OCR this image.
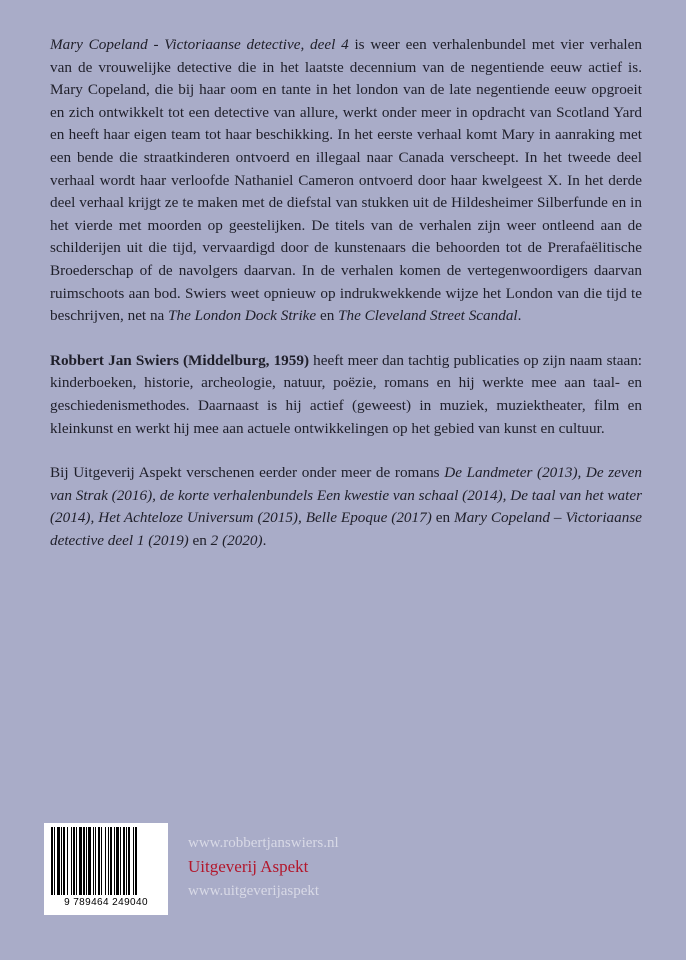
Mary Copeland - Victoriaanse detective, deel 4 is weer een verhalenbundel met vier verhalen van de vrouwelijke detective die in het laatste decennium van de negentiende eeuw actief is. Mary Copeland, die bij haar oom en tante in het london van de late negentiende eeuw opgroeit en zich ontwikkelt tot een detective van allure, werkt onder meer in opdracht van Scotland Yard en heeft haar eigen team tot haar beschikking. In het eerste verhaal komt Mary in aanraking met een bende die straatkinderen ontvoerd en illegaal naar Canada verscheept. In het tweede deel verhaal wordt haar verloofde Nathaniel Cameron ontvoerd door haar kwelgeest X. In het derde deel verhaal krijgt ze te maken met de diefstal van stukken uit de Hildesheimer Silberfunde en in het vierde met moorden op geestelijken. De titels van de verhalen zijn weer ontleend aan de schilderijen uit die tijd, vervaardigd door de kunstenaars die behoorden tot de Prerafaëlitische Broederschap of de navolgers daarvan. In de verhalen komen de vertegenwoordigers daarvan ruimschoots aan bod. Swiers weet opnieuw op indrukwekkende wijze het London van die tijd te beschrijven, net na The London Dock Strike en The Cleveland Street Scandal.

Robbert Jan Swiers (Middelburg, 1959) heeft meer dan tachtig publicaties op zijn naam staan: kinderboeken, historie, archeologie, natuur, poëzie, romans en hij werkte mee aan taal- en geschiedenismethodes. Daarnaast is hij actief (geweest) in muziek, muziektheater, film en kleinkunst en werkt hij mee aan actuele ontwikkelingen op het gebied van kunst en cultuur.

Bij Uitgeverij Aspekt verschenen eerder onder meer de romans De Landmeter (2013), De zeven van Strak (2016), de korte verhalenbundels Een kwestie van schaal (2014), De taal van het water (2014), Het Achteloze Universum (2015), Belle Epoque (2017) en Mary Copeland – Victoriaanse detective deel 1 (2019) en 2 (2020).

9 789464 249040
www.robbertjanswiers.nl
Uitgeverij Aspekt
www.uitgeverijaspekt
